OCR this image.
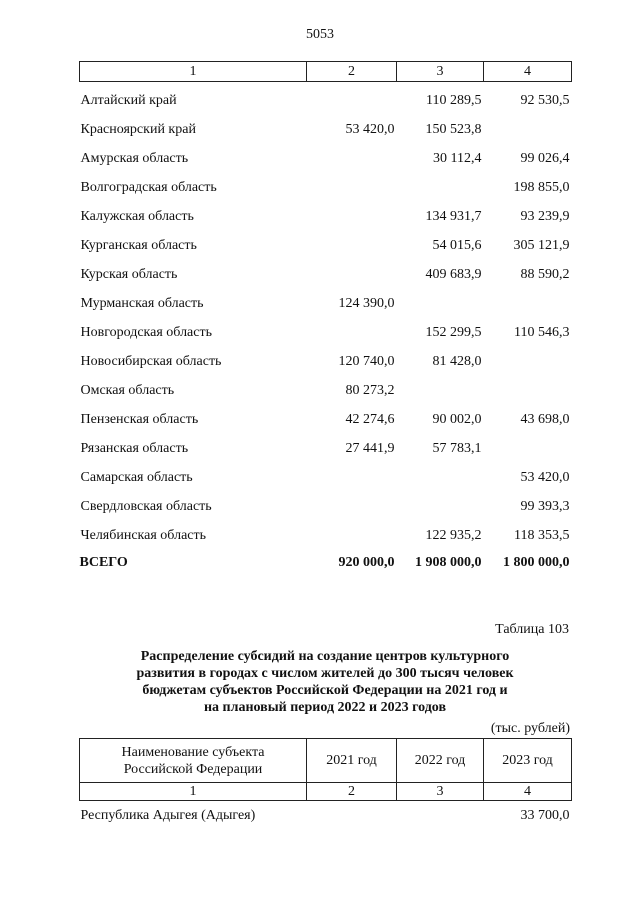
5053
1	2	3	4

Алтайский край		110 289,5	92 530,5
Красноярский край	53 420,0	150 523,8	
Амурская область		30 112,4	99 026,4
Волгоградская область			198 855,0
Калужская область		134 931,7	93 239,9
Курганская область		54 015,6	305 121,9
Курская область		409 683,9	88 590,2
Мурманская область	124 390,0		
Новгородская область		152 299,5	110 546,3
Новосибирская область	120 740,0	81 428,0	
Омская область	80 273,2		
Пензенская область	42 274,6	90 002,0	43 698,0
Рязанская область	27 441,9	57 783,1	
Самарская область			53 420,0
Свердловская область			99 393,3
Челябинская область		122 935,2	118 353,5
ВСЕГО	920 000,0	1 908 000,0	1 800 000,0
Таблица 103
Распределение субсидий на создание центров культурного
развития в городах с числом жителей до 300 тысяч человек
бюджетам субъектов Российской Федерации на 2021 год и
на плановый период 2022 и 2023 годов
(тыс. рублей)
Наименование субъекта
Российской Федерации	2021 год	2022 год	2023 год
1	2	3	4
Республика Адыгея (Адыгея)			33 700,0
